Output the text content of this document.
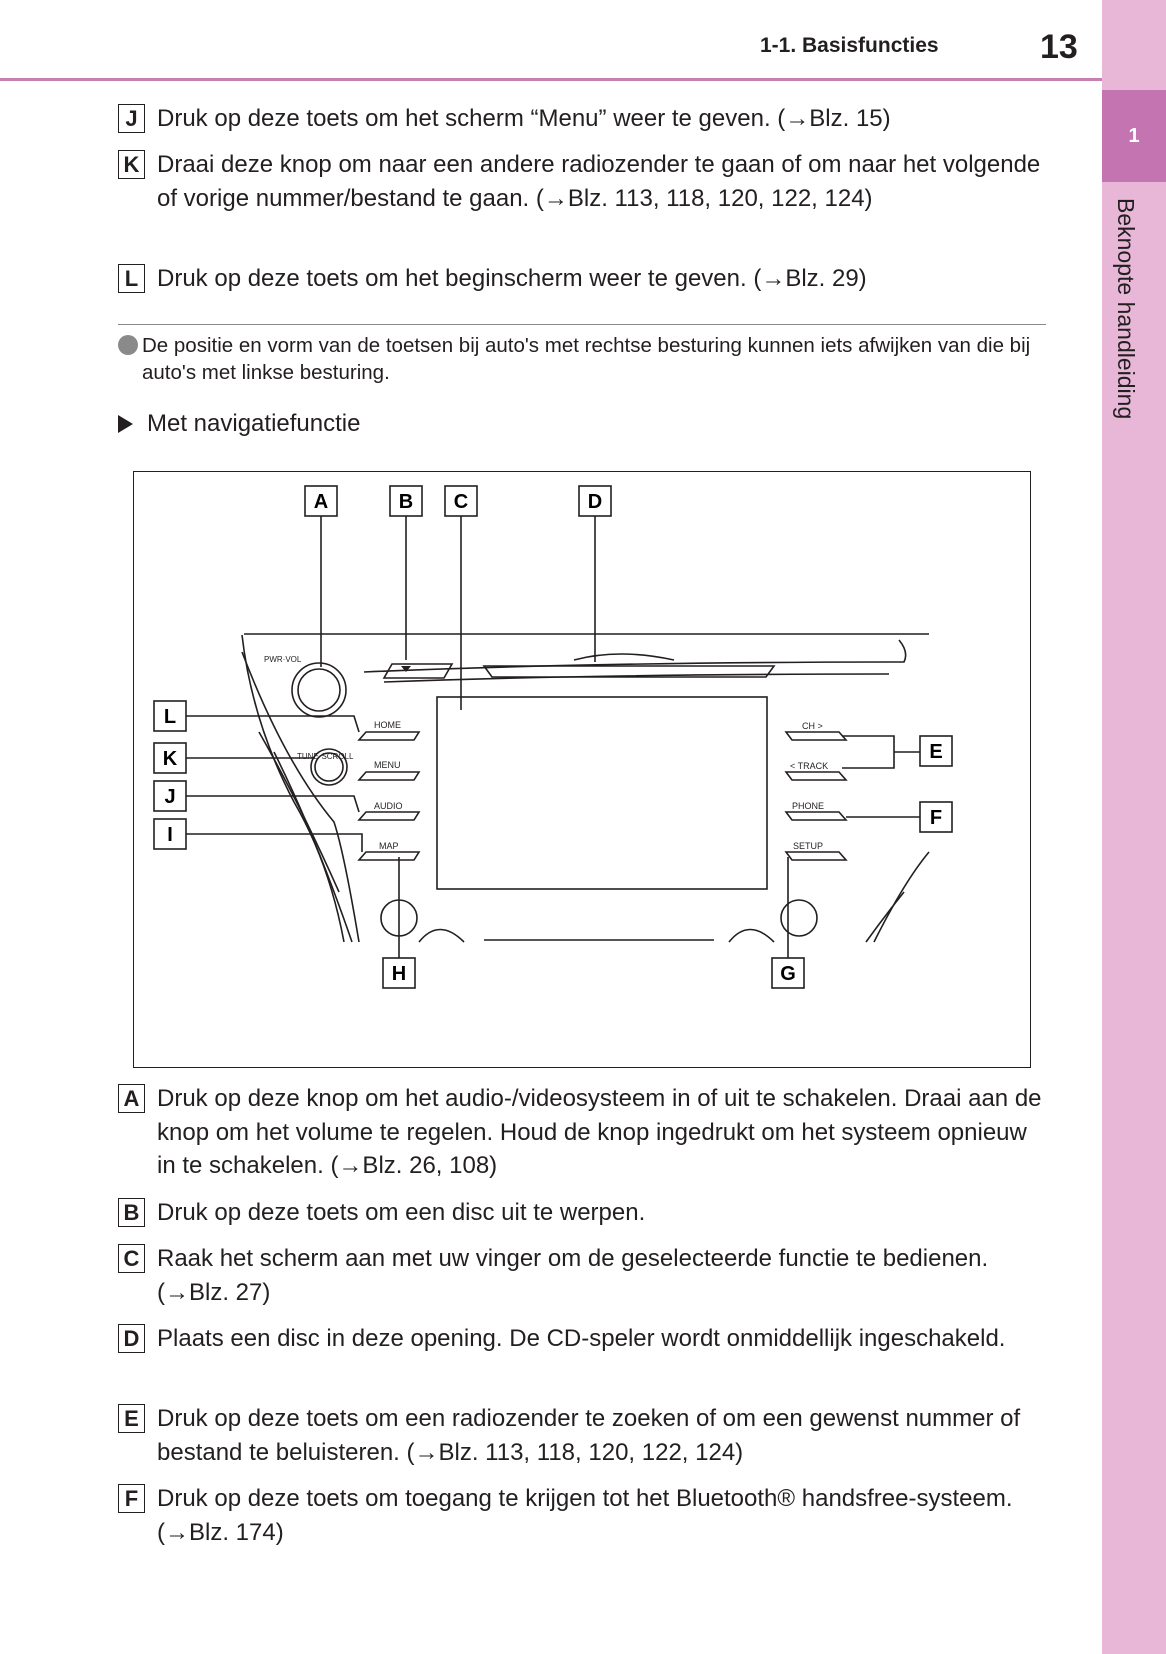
1-1. Basisfuncties	13
1
Beknopte handleiding
J Druk op deze toets om het scherm “Menu” weer te geven. (→Blz. 15)
K Draai deze knop om naar een andere radiozender te gaan of om naar het volgende of vorige nummer/bestand te gaan. (→Blz. 113, 118, 120, 122, 124)
L Druk op deze toets om het beginscherm weer te geven. (→Blz. 29)
De positie en vorm van de toetsen bij auto's met rechtse besturing kunnen iets afwijken van die bij auto's met linkse besturing.
Met navigatiefunctie
A	B C	D
E
F
G
H
I
J
K
L
PWR·VOL
TUNE·SCROLL
HOME
MENU
AUDIO
MAP
CH >
< TRACK
PHONE
SETUP
A Druk op deze knop om het audio-/videosysteem in of uit te schakelen. Draai aan de knop om het volume te regelen. Houd de knop ingedrukt om het systeem opnieuw in te schakelen. (→Blz. 26, 108)
B Druk op deze toets om een disc uit te werpen.
C Raak het scherm aan met uw vinger om de geselecteerde functie te bedienen. (→Blz. 27)
D Plaats een disc in deze opening. De CD-speler wordt onmiddellijk ingeschakeld.
E Druk op deze toets om een radiozender te zoeken of om een gewenst nummer of bestand te beluisteren. (→Blz. 113, 118, 120, 122, 124)
F Druk op deze toets om toegang te krijgen tot het Bluetooth® handsfree-systeem. (→Blz. 174)
